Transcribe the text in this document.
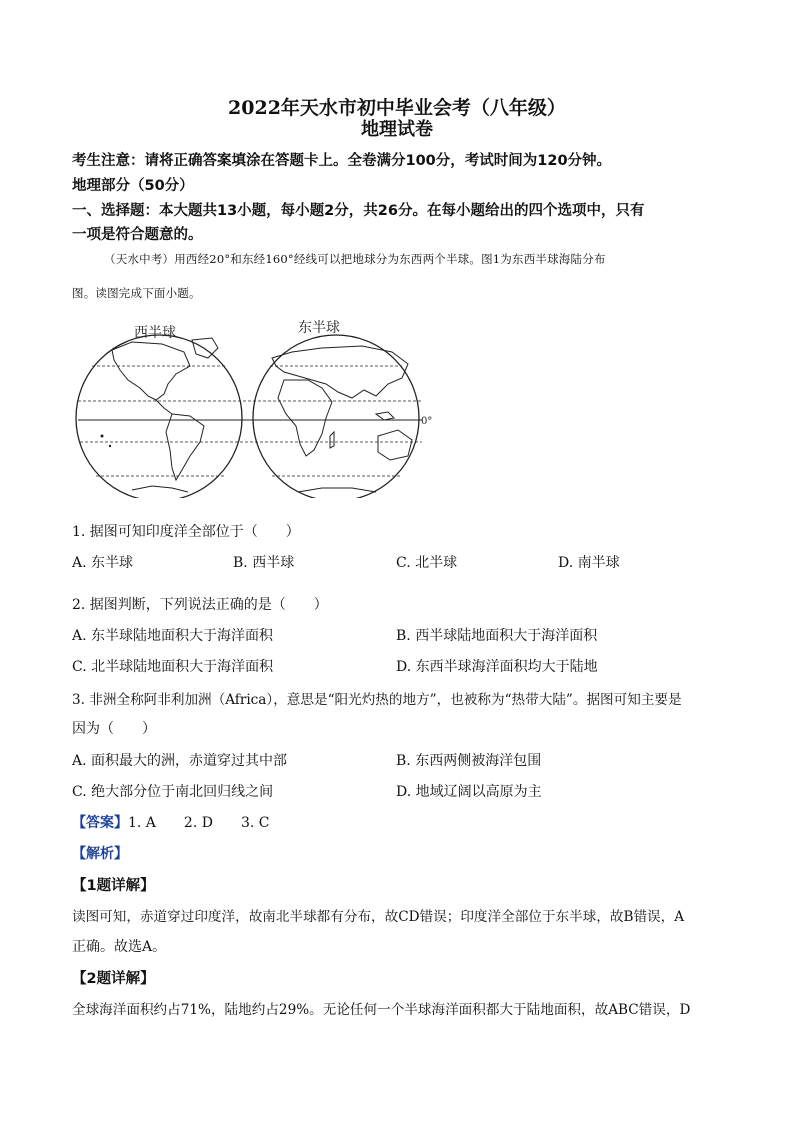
2022年天水市初中毕业会考（八年级）
地理试卷
考生注意：请将正确答案填涂在答题卡上。全卷满分100分，考试时间为120分钟。
地理部分（50分）
一、选择题：本大题共13小题，每小题2分，共26分。在每小题给出的四个选项中，只有
一项是符合题意的。
（天水中考）用西经20°和东经160°经线可以把地球分为东西两个半球。图1为东西半球海陆分布
图。读图完成下面小题。
西半球	东半球
0°
1. 据图可知印度洋全部位于（　　）
A. 东半球	B. 西半球	C. 北半球	D. 南半球
2. 据图判断，下列说法正确的是（　　）
A. 东半球陆地面积大于海洋面积	B. 西半球陆地面积大于海洋面积
C. 北半球陆地面积大于海洋面积	D. 东西半球海洋面积均大于陆地
3. 非洲全称阿非利加洲（Africa），意思是“阳光灼热的地方”，也被称为“热带大陆”。据图可知主要是
因为（　　）
A. 面积最大的洲，赤道穿过其中部	B. 东西两侧被海洋包围
C. 绝大部分位于南北回归线之间	D. 地域辽阔以高原为主
【答案】1. A　　2. D　　3. C
【解析】
【1题详解】
读图可知，赤道穿过印度洋，故南北半球都有分布，故CD错误；印度洋全部位于东半球，故B错误，A
正确。故选A。
【2题详解】
全球海洋面积约占71%，陆地约占29%。无论任何一个半球海洋面积都大于陆地面积，故ABC错误，D
